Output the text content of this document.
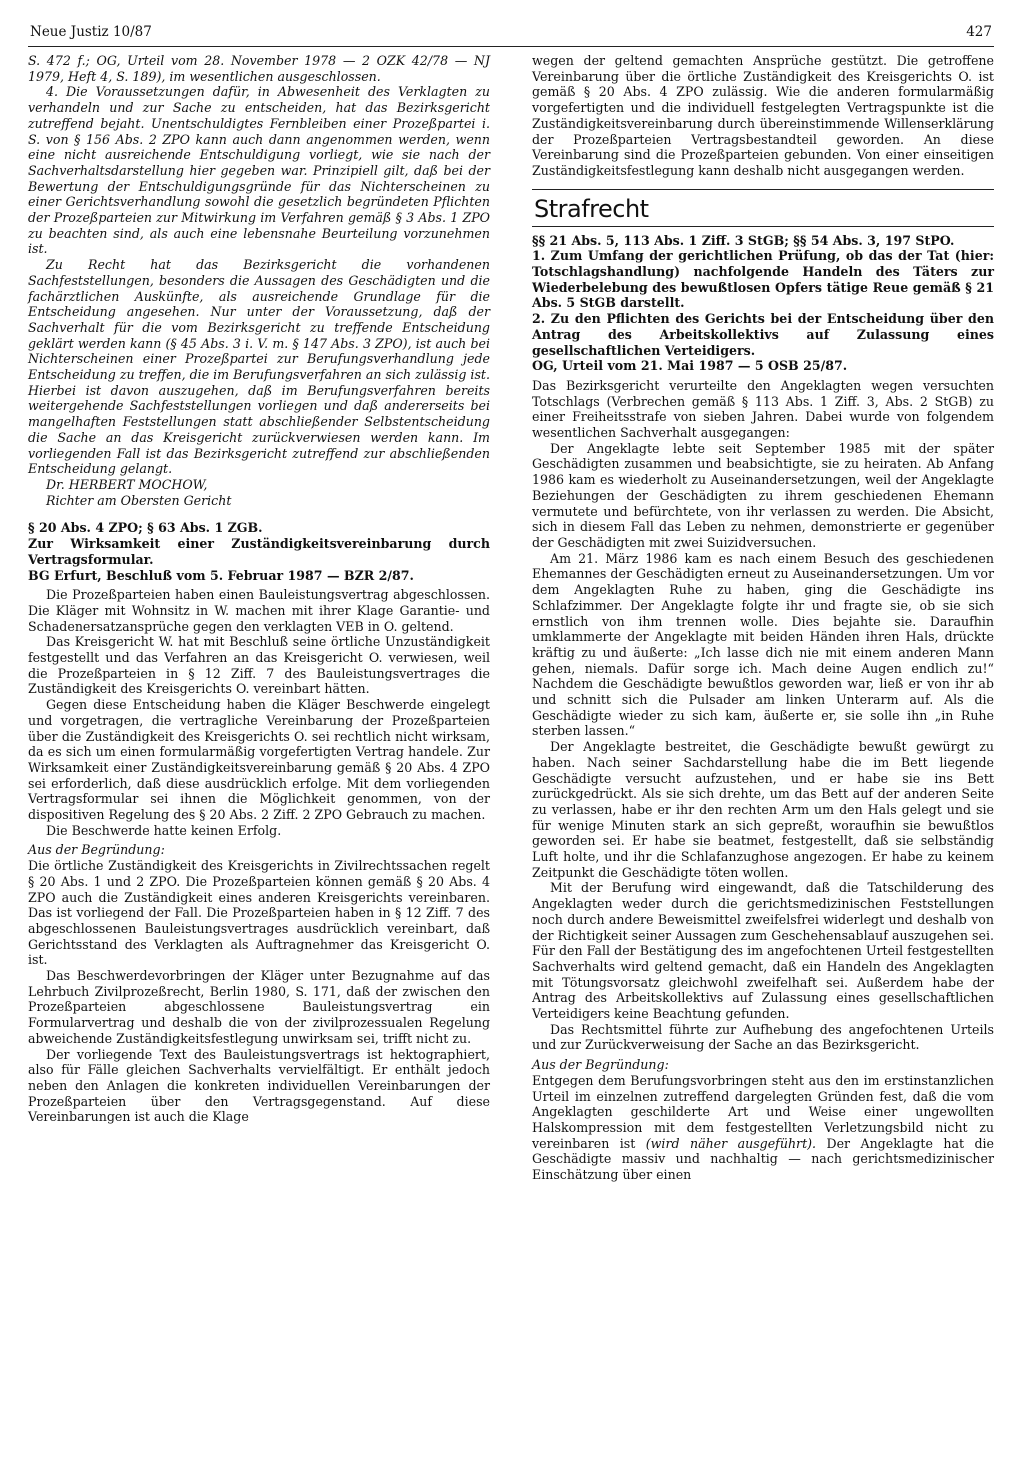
Neue Justiz 10/87	427

S. 472 f.; OG, Urteil vom 28. November 1978 — 2 OZK 42/78 — NJ 1979, Heft 4, S. 189), im wesentlichen ausgeschlossen.

4. Die Voraussetzungen dafür, in Abwesenheit des Verklagten zu verhandeln und zur Sache zu entscheiden, hat das Bezirksgericht zutreffend bejaht. Unentschuldigtes Fernbleiben einer Prozeßpartei i. S. von § 156 Abs. 2 ZPO kann auch dann angenommen werden, wenn eine nicht ausreichende Entschuldigung vorliegt, wie sie nach der Sachverhaltsdarstellung hier gegeben war. Prinzipiell gilt, daß bei der Bewertung der Entschuldigungsgründe für das Nichterscheinen zu einer Gerichtsverhandlung sowohl die gesetzlich begründeten Pflichten der Prozeßparteien zur Mitwirkung im Verfahren gemäß § 3 Abs. 1 ZPO zu beachten sind, als auch eine lebensnahe Beurteilung vorzunehmen ist.

Zu Recht hat das Bezirksgericht die vorhandenen Sachfeststellungen, besonders die Aussagen des Geschädigten und die fachärztlichen Auskünfte, als ausreichende Grundlage für die Entscheidung angesehen. Nur unter der Voraussetzung, daß der Sachverhalt für die vom Bezirksgericht zu treffende Entscheidung geklärt werden kann (§ 45 Abs. 3 i. V. m. § 147 Abs. 3 ZPO), ist auch bei Nichterscheinen einer Prozeßpartei zur Berufungsverhandlung jede Entscheidung zu treffen, die im Berufungsverfahren an sich zulässig ist. Hierbei ist davon auszugehen, daß im Berufungsverfahren bereits weitergehende Sachfeststellungen vorliegen und daß andererseits bei mangelhaften Feststellungen statt abschließender Selbstentscheidung die Sache an das Kreisgericht zurückverwiesen werden kann. Im vorliegenden Fall ist das Bezirksgericht zutreffend zur abschließenden Entscheidung gelangt.

Dr. HERBERT MOCHOW,

Richter am Obersten Gericht

§ 20 Abs. 4 ZPO; § 63 Abs. 1 ZGB.

Zur Wirksamkeit einer Zuständigkeitsvereinbarung durch Vertragsformular.

BG Erfurt, Beschluß vom 5. Februar 1987 — BZR 2/87.

Die Prozeßparteien haben einen Bauleistungsvertrag abgeschlossen. Die Kläger mit Wohnsitz in W. machen mit ihrer Klage Garantie- und Schadenersatzansprüche gegen den verklagten VEB in O. geltend.

Das Kreisgericht W. hat mit Beschluß seine örtliche Unzuständigkeit festgestellt und das Verfahren an das Kreisgericht O. verwiesen, weil die Prozeßparteien in § 12 Ziff. 7 des Bauleistungsvertrages die Zuständigkeit des Kreisgerichts O. vereinbart hätten.

Gegen diese Entscheidung haben die Kläger Beschwerde eingelegt und vorgetragen, die vertragliche Vereinbarung der Prozeßparteien über die Zuständigkeit des Kreisgerichts O. sei rechtlich nicht wirksam, da es sich um einen formularmäßig vorgefertigten Vertrag handele. Zur Wirksamkeit einer Zuständigkeitsvereinbarung gemäß § 20 Abs. 4 ZPO sei erforderlich, daß diese ausdrücklich erfolge. Mit dem vorliegenden Vertragsformular sei ihnen die Möglichkeit genommen, von der dispositiven Regelung des § 20 Abs. 2 Ziff. 2 ZPO Gebrauch zu machen.

Die Beschwerde hatte keinen Erfolg.

Aus der Begründung:

Die örtliche Zuständigkeit des Kreisgerichts in Zivilrechtssachen regelt § 20 Abs. 1 und 2 ZPO. Die Prozeßparteien können gemäß § 20 Abs. 4 ZPO auch die Zuständigkeit eines anderen Kreisgerichts vereinbaren. Das ist vorliegend der Fall. Die Prozeßparteien haben in § 12 Ziff. 7 des abgeschlossenen Bauleistungsvertrages ausdrücklich vereinbart, daß Gerichtsstand des Verklagten als Auftragnehmer das Kreisgericht O. ist.

Das Beschwerdevorbringen der Kläger unter Bezugnahme auf das Lehrbuch Zivilprozeßrecht, Berlin 1980, S. 171, daß der zwischen den Prozeßparteien abgeschlossene Bauleistungsvertrag ein Formularvertrag und deshalb die von der zivilprozessualen Regelung abweichende Zuständigkeitsfestlegung unwirksam sei, trifft nicht zu.

Der vorliegende Text des Bauleistungsvertrags ist hektographiert, also für Fälle gleichen Sachverhalts vervielfältigt. Er enthält jedoch neben den Anlagen die konkreten individuellen Vereinbarungen der Prozeßparteien über den Vertragsgegenstand. Auf diese Vereinbarungen ist auch die Klage

wegen der geltend gemachten Ansprüche gestützt. Die getroffene Vereinbarung über die örtliche Zuständigkeit des Kreisgerichts O. ist gemäß § 20 Abs. 4 ZPO zulässig. Wie die anderen formularmäßig vorgefertigten und die individuell festgelegten Vertragspunkte ist die Zuständigkeitsvereinbarung durch übereinstimmende Willenserklärung der Prozeßparteien Vertragsbestandteil geworden. An diese Vereinbarung sind die Prozeßparteien gebunden. Von einer einseitigen Zuständigkeitsfestlegung kann deshalb nicht ausgegangen werden.

Strafrecht

§§ 21 Abs. 5, 113 Abs. 1 Ziff. 3 StGB; §§ 54 Abs. 3, 197 StPO.

1. Zum Umfang der gerichtlichen Prüfung, ob das der Tat (hier: Totschlagshandlung) nachfolgende Handeln des Täters zur Wiederbelebung des bewußtlosen Opfers tätige Reue gemäß § 21 Abs. 5 StGB darstellt.

2. Zu den Pflichten des Gerichts bei der Entscheidung über den Antrag des Arbeitskollektivs auf Zulassung eines gesellschaftlichen Verteidigers.

OG, Urteil vom 21. Mai 1987 — 5 OSB 25/87.

Das Bezirksgericht verurteilte den Angeklagten wegen versuchten Totschlags (Verbrechen gemäß § 113 Abs. 1 Ziff. 3, Abs. 2 StGB) zu einer Freiheitsstrafe von sieben Jahren. Dabei wurde von folgendem wesentlichen Sachverhalt ausgegangen:

Der Angeklagte lebte seit September 1985 mit der später Geschädigten zusammen und beabsichtigte, sie zu heiraten. Ab Anfang 1986 kam es wiederholt zu Auseinandersetzungen, weil der Angeklagte Beziehungen der Geschädigten zu ihrem geschiedenen Ehemann vermutete und befürchtete, von ihr verlassen zu werden. Die Absicht, sich in diesem Fall das Leben zu nehmen, demonstrierte er gegenüber der Geschädigten mit zwei Suizidversuchen.

Am 21. März 1986 kam es nach einem Besuch des geschiedenen Ehemannes der Geschädigten erneut zu Auseinandersetzungen. Um vor dem Angeklagten Ruhe zu haben, ging die Geschädigte ins Schlafzimmer. Der Angeklagte folgte ihr und fragte sie, ob sie sich ernstlich von ihm trennen wolle. Dies bejahte sie. Daraufhin umklammerte der Angeklagte mit beiden Händen ihren Hals, drückte kräftig zu und äußerte: „Ich lasse dich nie mit einem anderen Mann gehen, niemals. Dafür sorge ich. Mach deine Augen endlich zu!“ Nachdem die Geschädigte bewußtlos geworden war, ließ er von ihr ab und schnitt sich die Pulsader am linken Unterarm auf. Als die Geschädigte wieder zu sich kam, äußerte er, sie solle ihn „in Ruhe sterben lassen.“

Der Angeklagte bestreitet, die Geschädigte bewußt gewürgt zu haben. Nach seiner Sachdarstellung habe die im Bett liegende Geschädigte versucht aufzustehen, und er habe sie ins Bett zurückgedrückt. Als sie sich drehte, um das Bett auf der anderen Seite zu verlassen, habe er ihr den rechten Arm um den Hals gelegt und sie für wenige Minuten stark an sich gepreßt, woraufhin sie bewußtlos geworden sei. Er habe sie beatmet, festgestellt, daß sie selbständig Luft holte, und ihr die Schlafanzughose angezogen. Er habe zu keinem Zeitpunkt die Geschädigte töten wollen.

Mit der Berufung wird eingewandt, daß die Tatschilderung des Angeklagten weder durch die gerichtsmedizinischen Feststellungen noch durch andere Beweismittel zweifelsfrei widerlegt und deshalb von der Richtigkeit seiner Aussagen zum Geschehensablauf auszugehen sei. Für den Fall der Bestätigung des im angefochtenen Urteil festgestellten Sachverhalts wird geltend gemacht, daß ein Handeln des Angeklagten mit Tötungsvorsatz gleichwohl zweifelhaft sei. Außerdem habe der Antrag des Arbeitskollektivs auf Zulassung eines gesellschaftlichen Verteidigers keine Beachtung gefunden.

Das Rechtsmittel führte zur Aufhebung des angefochtenen Urteils und zur Zurückverweisung der Sache an das Bezirksgericht.

Aus der Begründung:

Entgegen dem Berufungsvorbringen steht aus den im erstinstanzlichen Urteil im einzelnen zutreffend dargelegten Gründen fest, daß die vom Angeklagten geschilderte Art und Weise einer ungewollten Halskompression mit dem festgestellten Verletzungsbild nicht zu vereinbaren ist (wird näher ausgeführt). Der Angeklagte hat die Geschädigte massiv und nachhaltig — nach gerichtsmedizinischer Einschätzung über einen
